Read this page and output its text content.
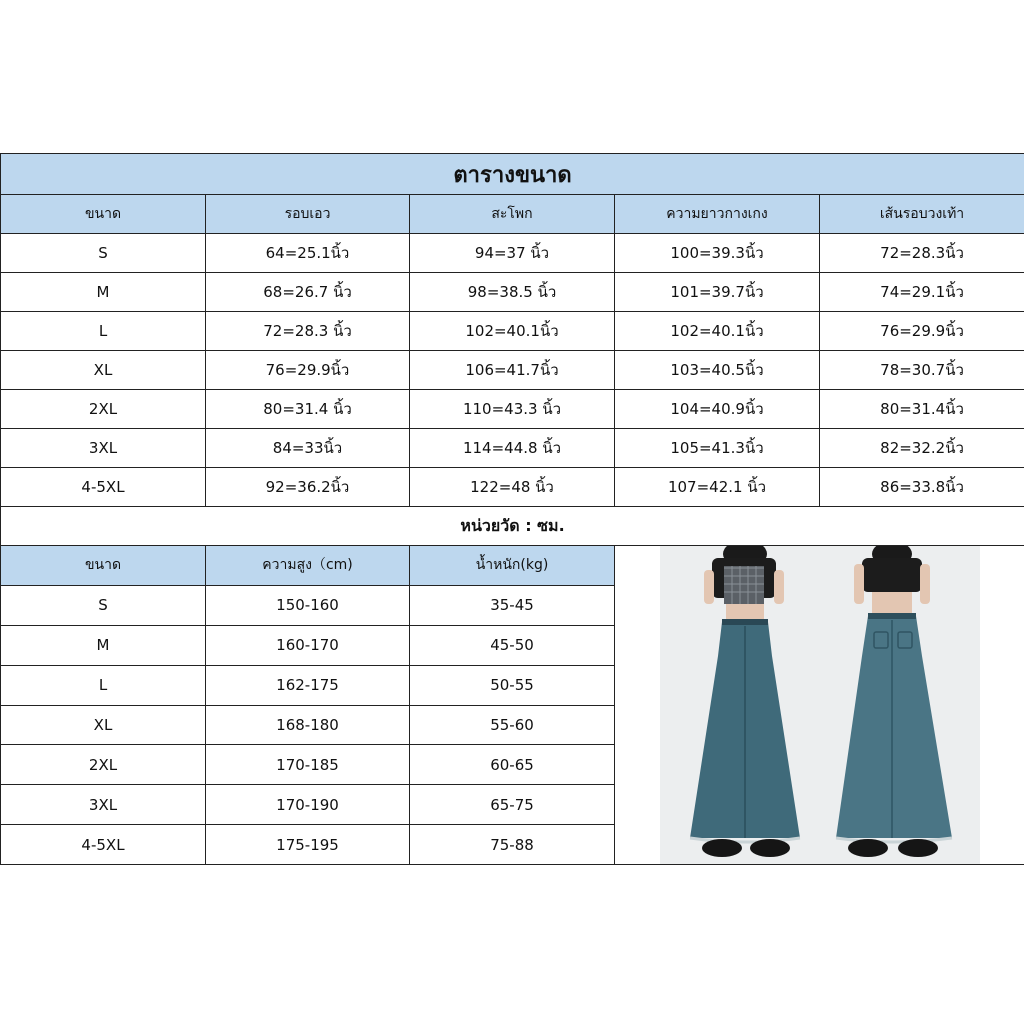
ตารางขนาด				
ขนาด	รอบเอว	สะโพก	ความยาวกางเกง	เส้นรอบวงเท้า
S	64=25.1นิ้ว	94=37 นิ้ว	100=39.3นิ้ว	72=28.3นิ้ว
M	68=26.7 นิ้ว	98=38.5 นิ้ว	101=39.7นิ้ว	74=29.1นิ้ว
L	72=28.3 นิ้ว	102=40.1นิ้ว	102=40.1นิ้ว	76=29.9นิ้ว
XL	76=29.9นิ้ว	106=41.7นิ้ว	103=40.5นิ้ว	78=30.7นิ้ว
2XL	80=31.4 นิ้ว	110=43.3 นิ้ว	104=40.9นิ้ว	80=31.4นิ้ว
3XL	84=33นิ้ว	114=44.8 นิ้ว	105=41.3นิ้ว	82=32.2นิ้ว
4-5XL	92=36.2นิ้ว	122=48 นิ้ว	107=42.1 นิ้ว	86=33.8นิ้ว
หน่วยวัด : ซม.				
ขนาด	ความสูง（cm)	น้ำหนัก(kg)	

S	150-160	35-45		
M	160-170	45-50		
L	162-175	50-55		
XL	168-180	55-60		
2XL	170-185	60-65		
3XL	170-190	65-75		
4-5XL	175-195	75-88		
